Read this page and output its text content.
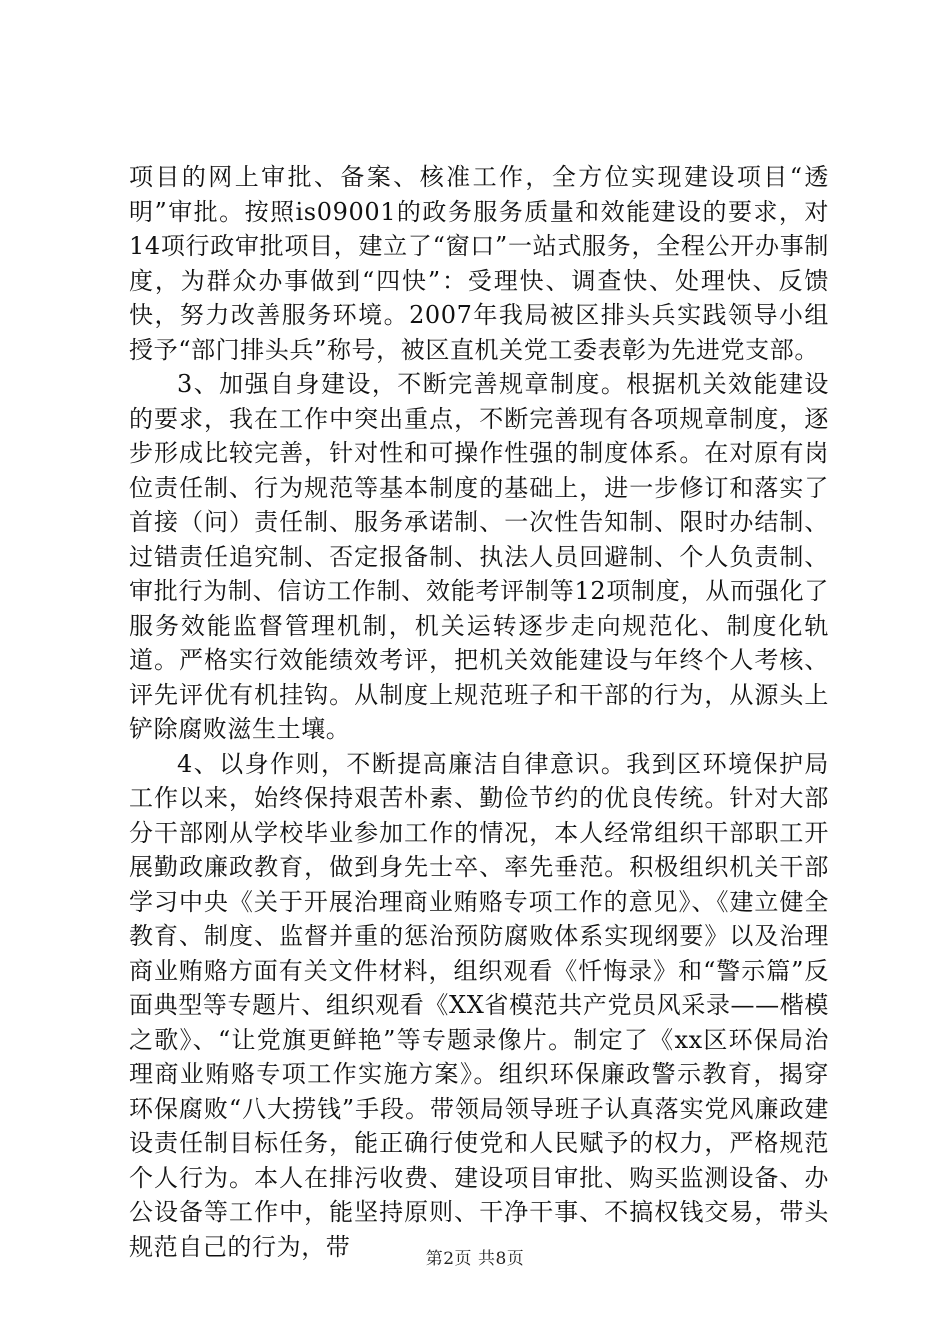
项目的网上审批、备案、核准工作，全方位实现建设项目“透明”审批。按照is09001的政务服务质量和效能建设的要求，对14项行政审批项目，建立了“窗口”一站式服务，全程公开办事制度，为群众办事做到“四快”：受理快、调查快、处理快、反馈快，努力改善服务环境。2007年我局被区排头兵实践领导小组授予“部门排头兵”称号，被区直机关党工委表彰为先进党支部。

3、加强自身建设，不断完善规章制度。根据机关效能建设的要求，我在工作中突出重点，不断完善现有各项规章制度，逐步形成比较完善，针对性和可操作性强的制度体系。在对原有岗位责任制、行为规范等基本制度的基础上，进一步修订和落实了首接（问）责任制、服务承诺制、一次性告知制、限时办结制、过错责任追究制、否定报备制、执法人员回避制、个人负责制、审批行为制、信访工作制、效能考评制等12项制度，从而强化了服务效能监督管理机制，机关运转逐步走向规范化、制度化轨道。严格实行效能绩效考评，把机关效能建设与年终个人考核、评先评优有机挂钩。从制度上规范班子和干部的行为，从源头上铲除腐败滋生土壤。

4、以身作则，不断提高廉洁自律意识。我到区环境保护局工作以来，始终保持艰苦朴素、勤俭节约的优良传统。针对大部分干部刚从学校毕业参加工作的情况，本人经常组织干部职工开展勤政廉政教育，做到身先士卒、率先垂范。积极组织机关干部学习中央《关于开展治理商业贿赂专项工作的意见》、《建立健全教育、制度、监督并重的惩治预防腐败体系实现纲要》以及治理商业贿赂方面有关文件材料，组织观看《忏悔录》和“警示篇”反面典型等专题片、组织观看《XX省模范共产党员风采录——楷模之歌》、“让党旗更鲜艳”等专题录像片。制定了《xx区环保局治理商业贿赂专项工作实施方案》。组织环保廉政警示教育，揭穿环保腐败“八大捞钱”手段。带领局领导班子认真落实党风廉政建设责任制目标任务，能正确行使党和人民赋予的权力，严格规范个人行为。本人在排污收费、建设项目审批、购买监测设备、办公设备等工作中，能坚持原则、干净干事、不搞权钱交易，带头规范自己的行为，带	第2页 共8页
